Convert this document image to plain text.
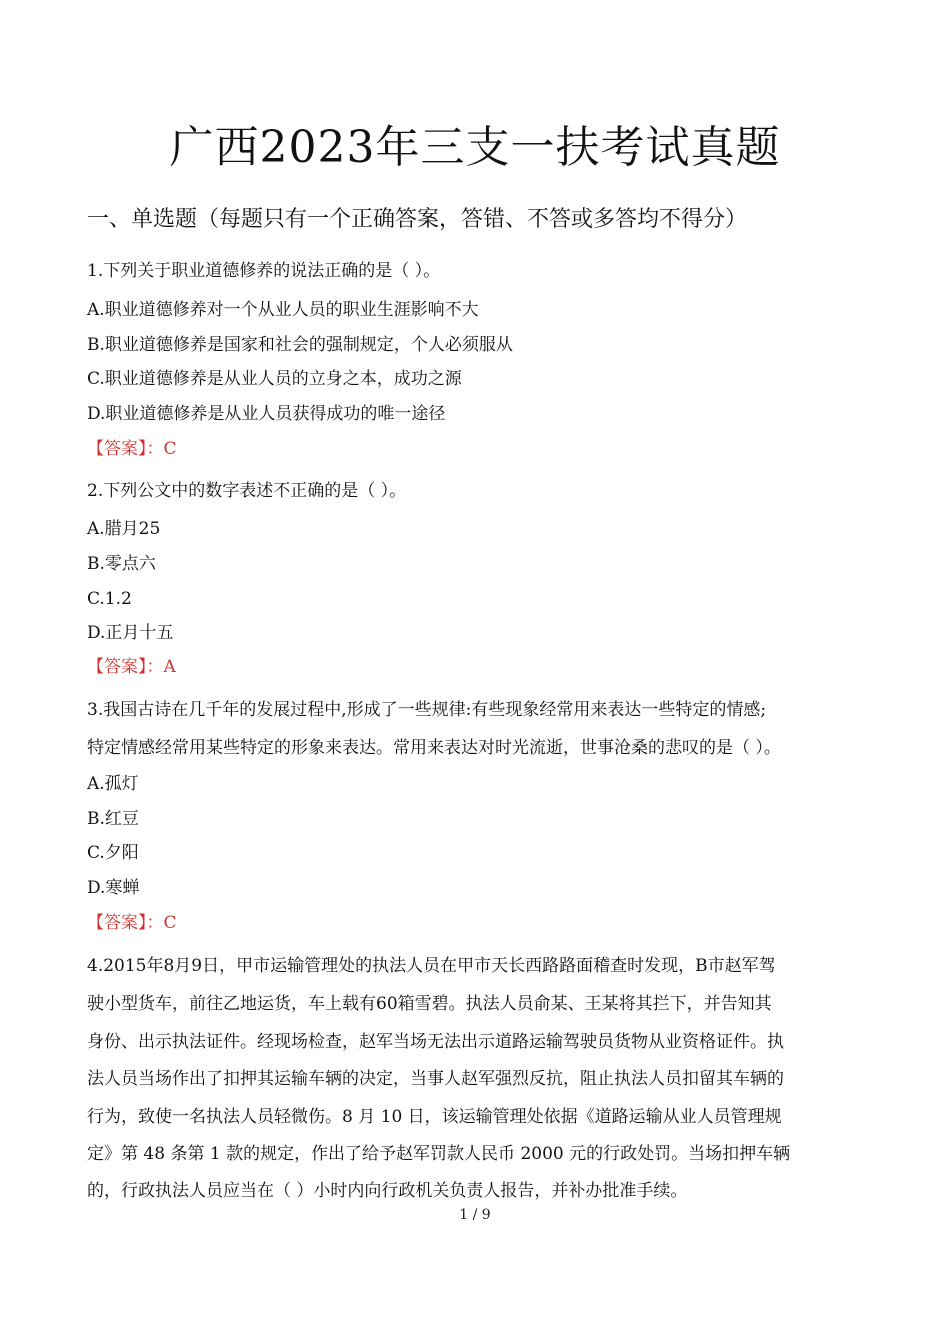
广西2023年三支一扶考试真题
一、单选题（每题只有一个正确答案，答错、不答或多答均不得分）
1.下列关于职业道德修养的说法正确的是（ ）。
A.职业道德修养对一个从业人员的职业生涯影响不大
B.职业道德修养是国家和社会的强制规定，个人必须服从
C.职业道德修养是从业人员的立身之本，成功之源
D.职业道德修养是从业人员获得成功的唯一途径
【答案】：C
2.下列公文中的数字表述不正确的是（ ）。
A.腊月25
B.零点六
C.1.2
D.正月十五
【答案】：A
3.我国古诗在几千年的发展过程中,形成了一些规律:有些现象经常用来表达一些特定的情感;
特定情感经常用某些特定的形象来表达。常用来表达对时光流逝，世事沧桑的悲叹的是（ ）。
A.孤灯
B.红豆
C.夕阳
D.寒蝉
【答案】：C
4.2015年8月9日，甲市运输管理处的执法人员在甲市天长西路路面稽查时发现，B市赵军驾
驶小型货车，前往乙地运货，车上载有60箱雪碧。执法人员俞某、王某将其拦下，并告知其
身份、出示执法证件。经现场检查，赵军当场无法出示道路运输驾驶员货物从业资格证件。执
法人员当场作出了扣押其运输车辆的决定，当事人赵军强烈反抗，阻止执法人员扣留其车辆的
行为，致使一名执法人员轻微伤。8 月 10 日，该运输管理处依据《道路运输从业人员管理规
定》第 48 条第 1 款的规定，作出了给予赵军罚款人民币 2000 元的行政处罚。当场扣押车辆
的，行政执法人员应当在（ ）小时内向行政机关负责人报告，并补办批准手续。
1 / 9
